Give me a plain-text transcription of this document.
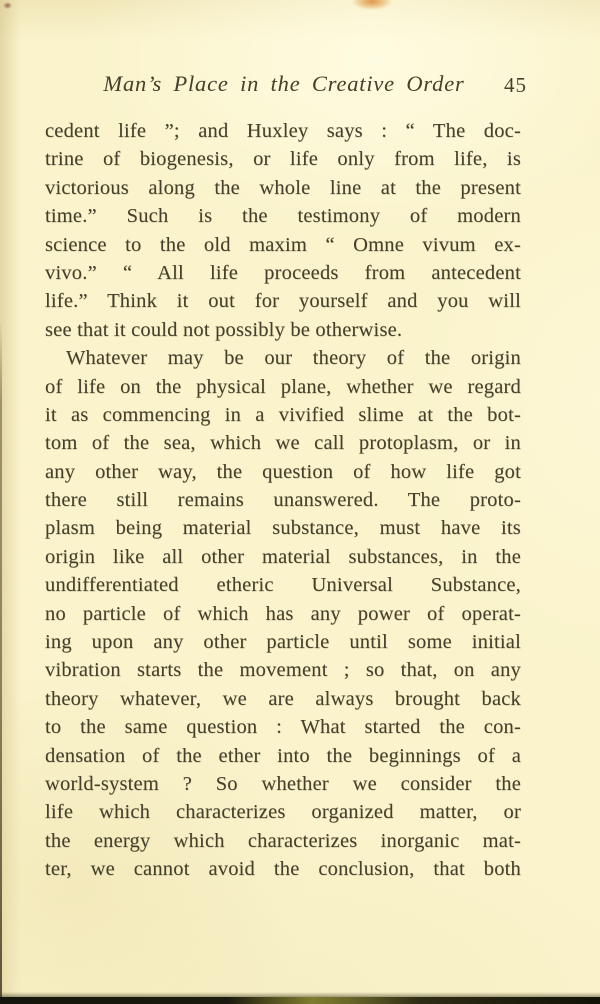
Man’s Place in the Creative Order 45
cedent life ”; and Huxley says : “ The doc-
trine of biogenesis, or life only from life, is
victorious along the whole line at the present
time.” Such is the testimony of modern
science to the old maxim “ Omne vivum ex-
vivo.” “ All life proceeds from antecedent
life.” Think it out for yourself and you will
see that it could not possibly be otherwise.
Whatever may be our theory of the origin
of life on the physical plane, whether we regard
it as commencing in a vivified slime at the bot-
tom of the sea, which we call protoplasm, or in
any other way, the question of how life got
there still remains unanswered. The proto-
plasm being material substance, must have its
origin like all other material substances, in the
undifferentiated etheric Universal Substance,
no particle of which has any power of operat-
ing upon any other particle until some initial
vibration starts the movement ; so that, on any
theory whatever, we are always brought back
to the same question : What started the con-
densation of the ether into the beginnings of a
world-system ? So whether we consider the
life which characterizes organized matter, or
the energy which characterizes inorganic mat-
ter, we cannot avoid the conclusion, that both
